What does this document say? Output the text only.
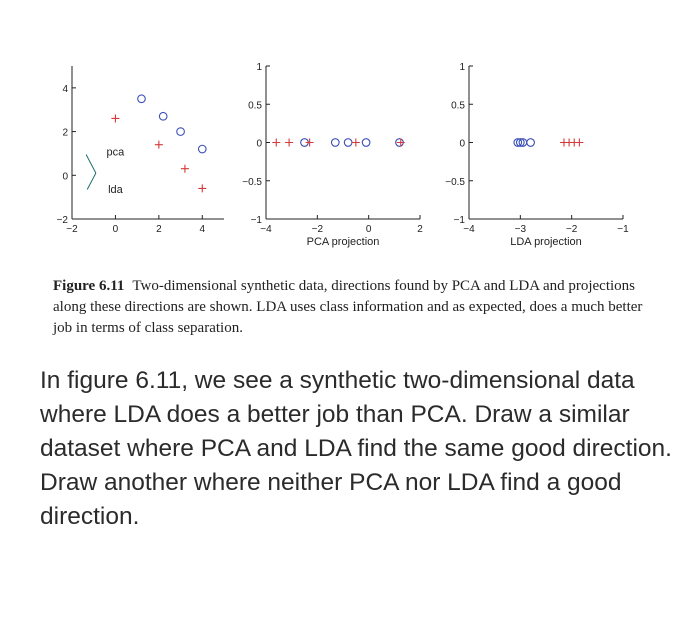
−2	0	2	4
−2
0
2
4
pca
lda
−4	−2	0	2
−1
−0.5
0
0.5
1
PCA projection
−4	−3	−2	−1
−1
−0.5
0
0.5
1
LDA projection
Figure 6.11 Two-dimensional synthetic data, directions found by PCA and LDA and projections along these directions are shown. LDA uses class information and as expected, does a much better job in terms of class separation.
In figure 6.11, we see a synthetic two-dimensional data where LDA does a better job than PCA. Draw a similar dataset where PCA and LDA find the same good direction. Draw another where neither PCA nor LDA find a good direction.
